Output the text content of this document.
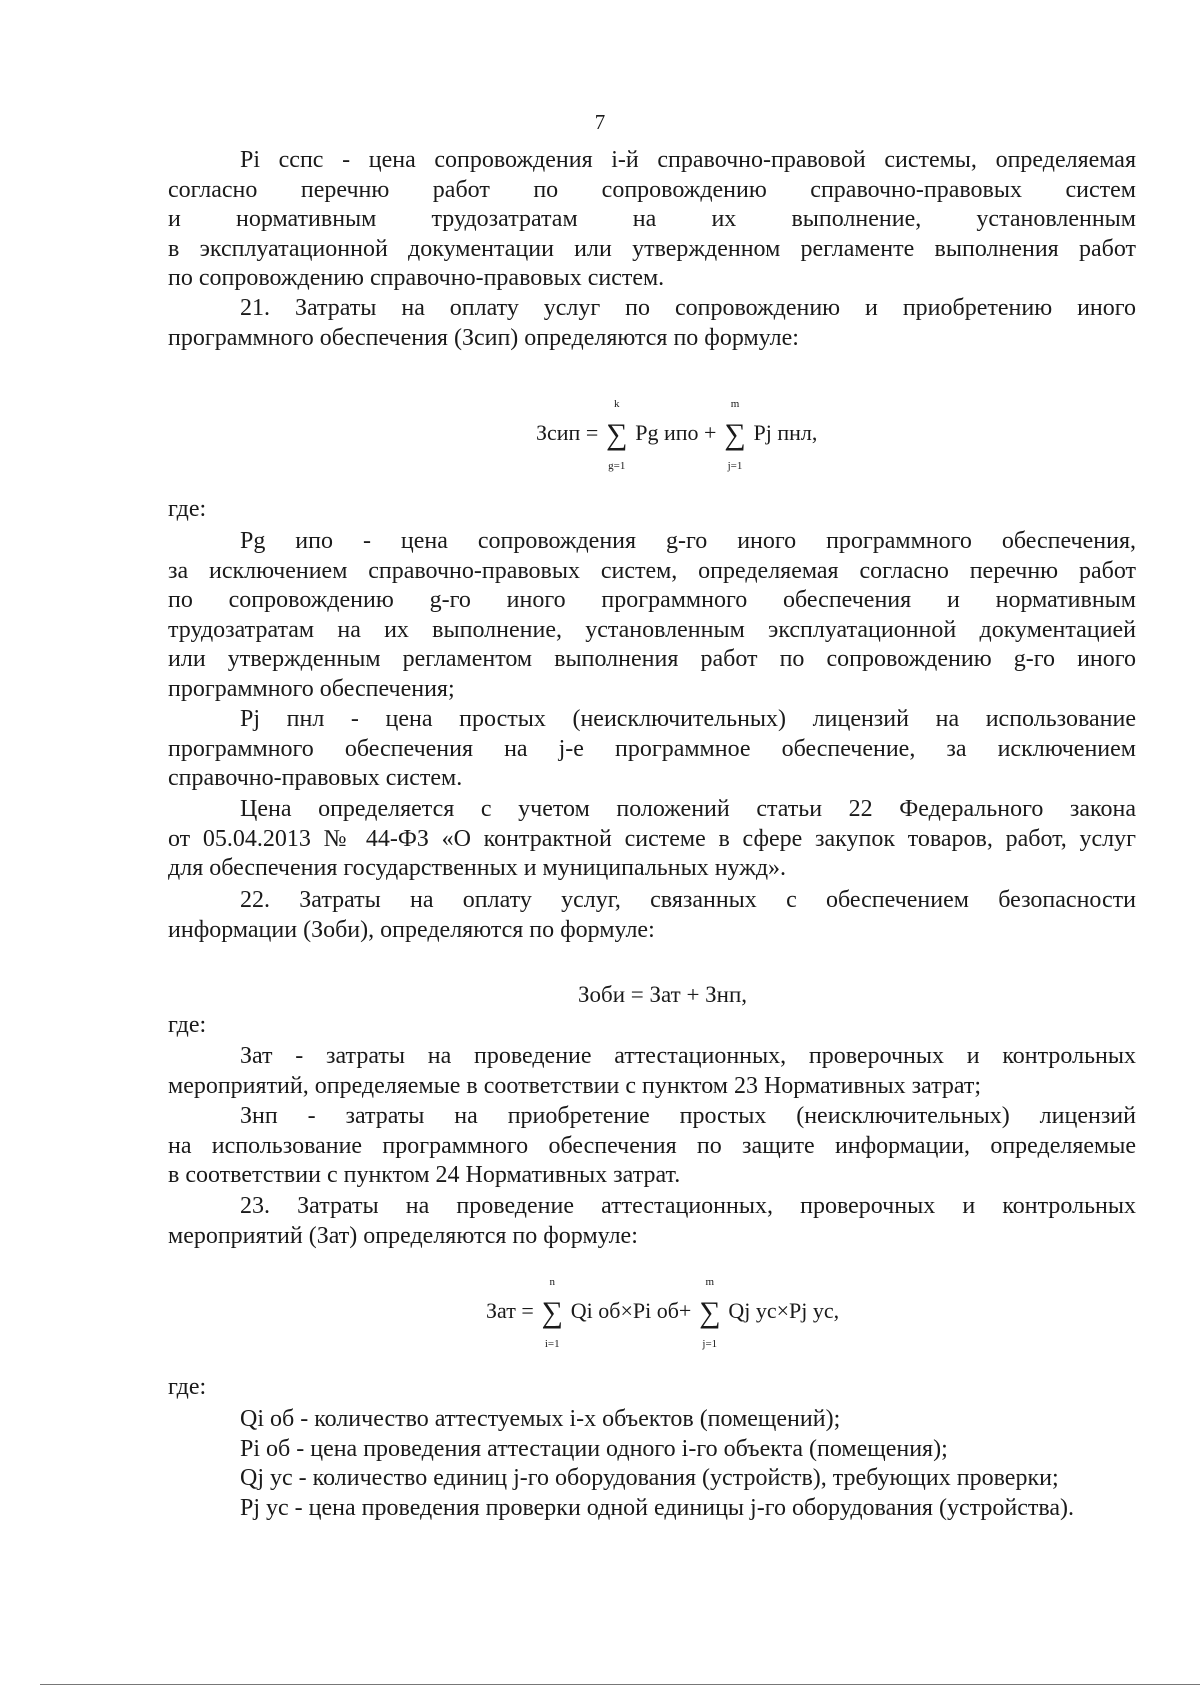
7
Pi сспс - цена сопровождения i-й справочно-правовой системы, определяемая
согласно перечню работ по сопровождению справочно-правовых систем
и нормативным трудозатратам на их выполнение, установленным
в эксплуатационной документации или утвержденном регламенте выполнения работ
по сопровождению справочно-правовых систем.
21. Затраты на оплату услуг по сопровождению и приобретению иного
программного обеспечения (Зсип) определяются по формуле:
Зсип = ∑
k
g=1
Pg ипо + ∑
m
j=1
Pj пнл,
где:
Pg ипо - цена сопровождения g-го иного программного обеспечения,
за исключением справочно-правовых систем, определяемая согласно перечню работ
по сопровождению g-го иного программного обеспечения и нормативным
трудозатратам на их выполнение, установленным эксплуатационной документацией
или утвержденным регламентом выполнения работ по сопровождению g-го иного
программного обеспечения;
Pj пнл - цена простых (неисключительных) лицензий на использование
программного обеспечения на j-е программное обеспечение, за исключением
справочно-правовых систем.
Цена определяется с учетом положений статьи 22 Федерального закона
от 05.04.2013 № 44-ФЗ «О контрактной системе в сфере закупок товаров, работ, услуг
для обеспечения государственных и муниципальных нужд».
22. Затраты на оплату услуг, связанных с обеспечением безопасности
информации (Зоби), определяются по формуле:
Зоби = Зат + Знп,
где:
Зат - затраты на проведение аттестационных, проверочных и контрольных
мероприятий, определяемые в соответствии с пунктом 23 Нормативных затрат;
Знп - затраты на приобретение простых (неисключительных) лицензий
на использование программного обеспечения по защите информации, определяемые
в соответствии с пунктом 24 Нормативных затрат.
23. Затраты на проведение аттестационных, проверочных и контрольных
мероприятий (Зат) определяются по формуле:
Зат = ∑
n
i=1
Qi об×Pi об+ ∑
m
j=1
Qj ус×Pj ус,
где:
Qi об - количество аттестуемых i-х объектов (помещений);
Pi об - цена проведения аттестации одного i-го объекта (помещения);
Qj ус - количество единиц j-го оборудования (устройств), требующих проверки;
Pj ус - цена проведения проверки одной единицы j-го оборудования (устройства).
